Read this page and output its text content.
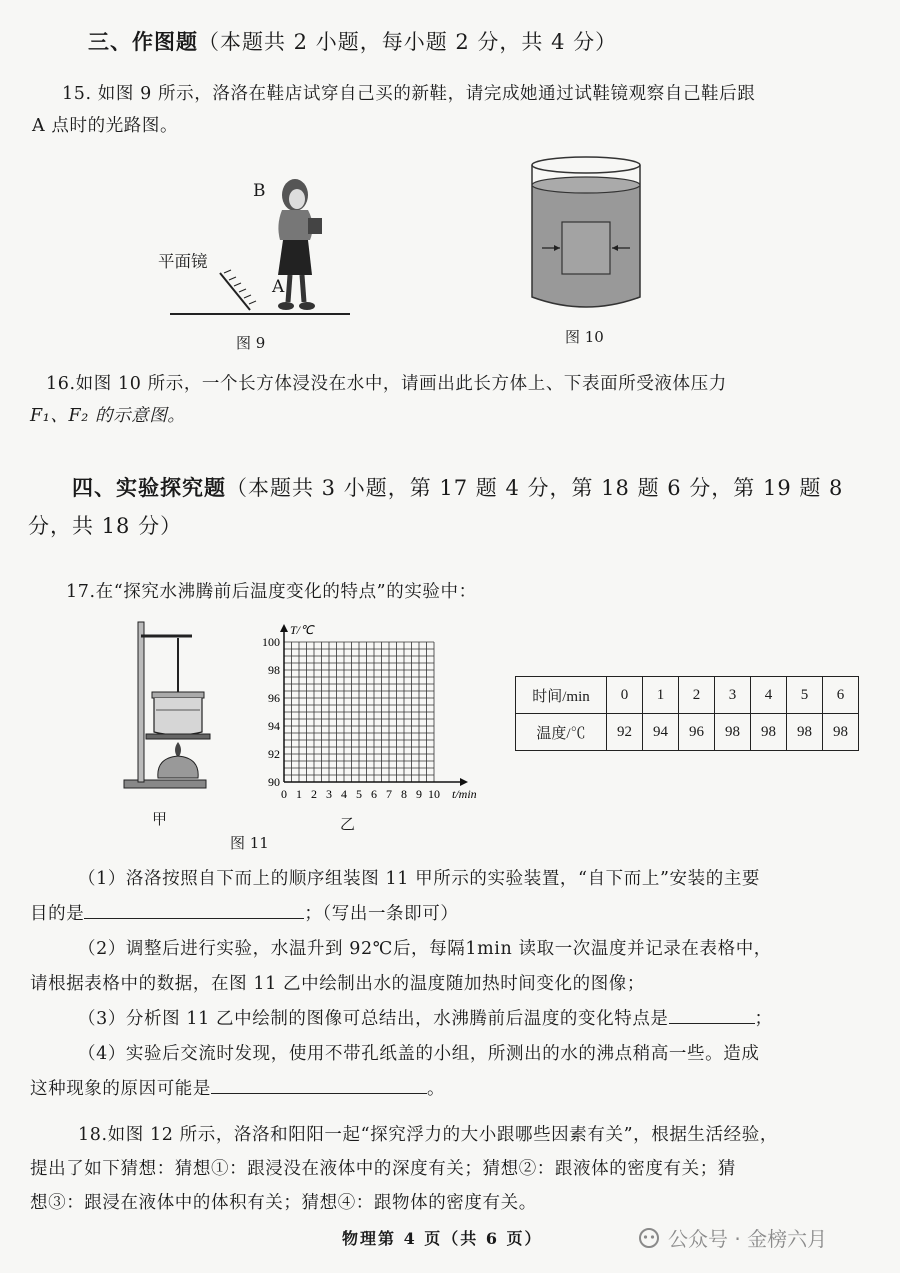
三、作图题（本题共 2 小题，每小题 2 分，共 4 分）
15. 如图 9 所示，洛洛在鞋店试穿自己买的新鞋，请完成她通过试鞋镜观察自己鞋后跟
A 点时的光路图。
B
A
平面镜
图 9	图 10
16.如图 10 所示，一个长方体浸没在水中，请画出此长方体上、下表面所受液体压力
F₁、F₂ 的示意图。
四、实验探究题（本题共 3 小题，第 17 题 4 分，第 18 题 6 分，第 19 题 8
分，共 18 分）
17.在“探究水沸腾前后温度变化的特点”的实验中：
甲
图 11
0 1 2 3 4 5 6 7 8 9 10
90
92
94
96
98
100
t/min
T/℃
乙
时间/min	0	1	2	3	4	5	6
温度/℃	92	94	96	98	98	98	98
（1）洛洛按照自下而上的顺序组装图 11 甲所示的实验装置，“自下而上”安装的主要
目的是	；（写出一条即可）
（2）调整后进行实验，水温升到 92℃后，每隔1min 读取一次温度并记录在表格中，
请根据表格中的数据，在图 11 乙中绘制出水的温度随加热时间变化的图像；
（3）分析图 11 乙中绘制的图像可总结出，水沸腾前后温度的变化特点是	；
（4）实验后交流时发现，使用不带孔纸盖的小组，所测出的水的沸点稍高一些。造成
这种现象的原因可能是	。
18.如图 12 所示，洛洛和阳阳一起“探究浮力的大小跟哪些因素有关”，根据生活经验，
提出了如下猜想：猜想①：跟浸没在液体中的深度有关；猜想②：跟液体的密度有关；猜
想③：跟浸在液体中的体积有关；猜想④：跟物体的密度有关。
物理第 4 页（共 6 页）	公众号 · 金榜六月
